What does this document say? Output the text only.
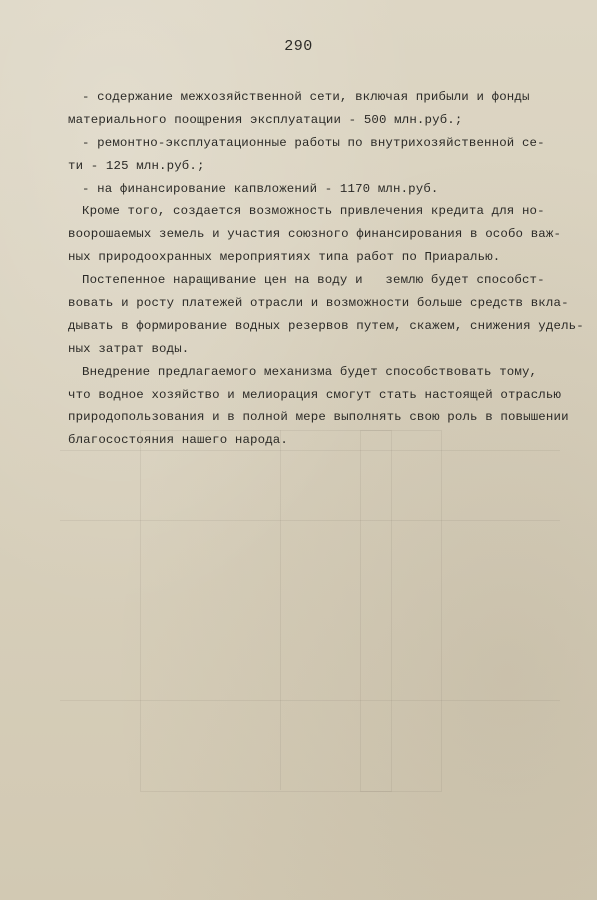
290
- содержание межхозяйственной сети, включая прибыли и фонды
материального поощрения эксплуатации - 500 млн.руб.;
- ремонтно-эксплуатационные работы по внутрихозяйственной се-
ти - 125 млн.руб.;
- на финансирование капвложений - 1170 млн.руб.
Кроме того, создается возможность привлечения кредита для но-
воорошаемых земель и участия союзного финансирования в особо важ-
ных природоохранных мероприятиях типа работ по Приаралью.
Постепенное наращивание цен на воду и   землю будет способст-
вовать и росту платежей отрасли и возможности больше средств вкла-
дывать в формирование водных резервов путем, скажем, снижения удель-
ных затрат воды.
Внедрение предлагаемого механизма будет способствовать тому,
что водное хозяйство и мелиорация смогут стать настоящей отраслью
природопользования и в полной мере выполнять свою роль в повышении
благосостояния нашего народа.
